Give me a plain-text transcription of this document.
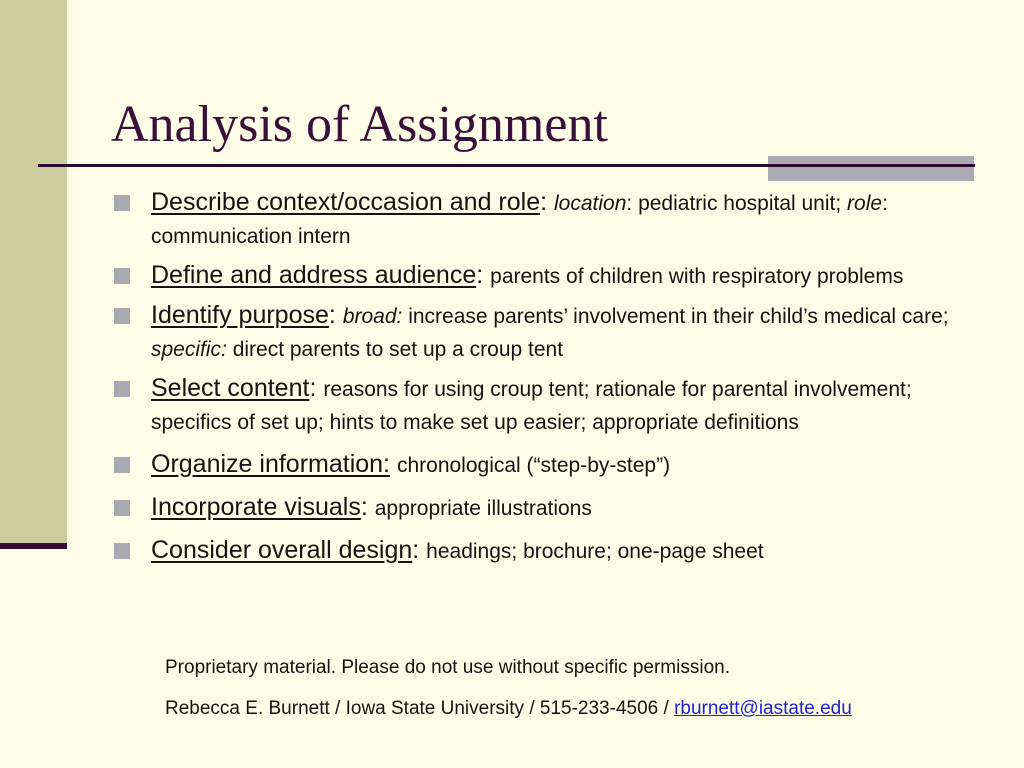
Analysis of Assignment

Describe context/occasion and role: location: pediatric hospital unit; role: communication intern

Define and address audience: parents of children with respiratory problems

Identify purpose: broad: increase parents’ involvement in their child’s medical care; specific: direct parents to set up a croup tent

Select content: reasons for using croup tent; rationale for parental involvement; specifics of set up; hints to make set up easier; appropriate definitions

Organize information: chronological (“step-by-step”)

Incorporate visuals: appropriate illustrations

Consider overall design: headings; brochure; one-page sheet

Proprietary material. Please do not use without specific permission.

Rebecca E. Burnett / Iowa State University / 515-233-4506 / rburnett@iastate.edu
